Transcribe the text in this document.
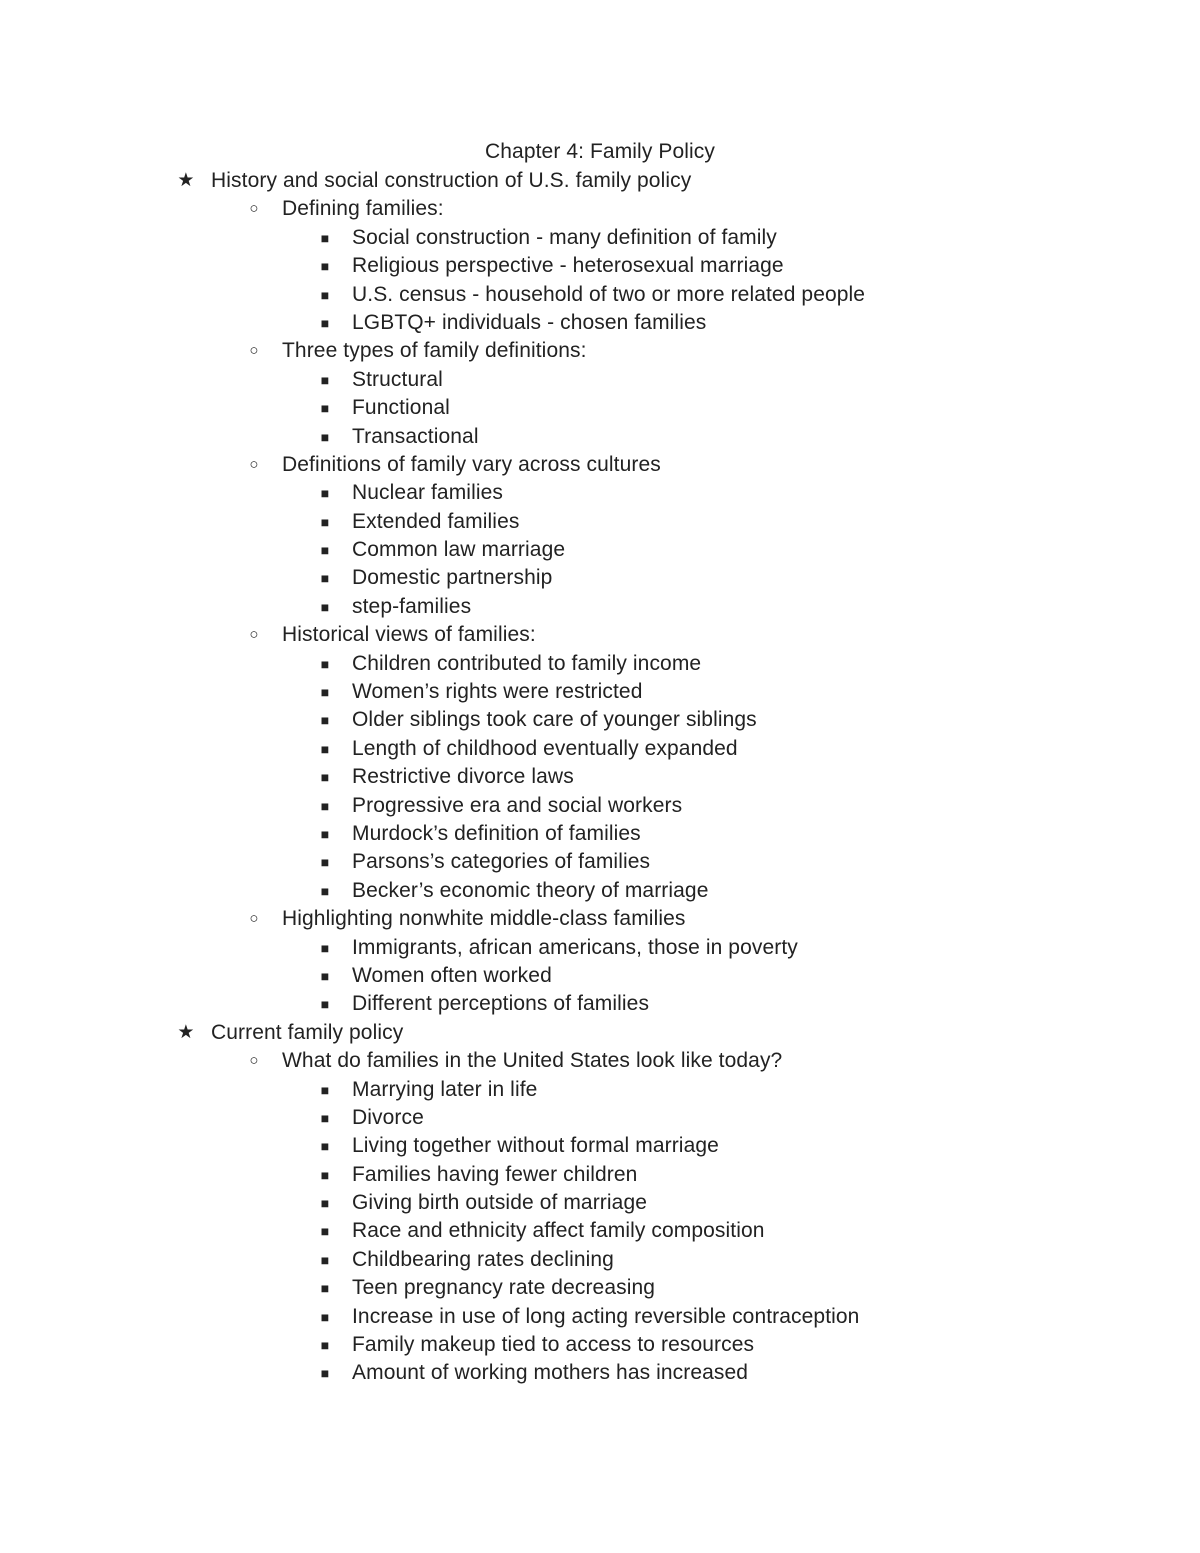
Chapter 4: Family Policy
★ History and social construction of U.S. family policy
○ Defining families:
■ Social construction - many definition of family
■ Religious perspective - heterosexual marriage
■ U.S. census - household of two or more related people
■ LGBTQ+ individuals - chosen families
○ Three types of family definitions:
■ Structural
■ Functional
■ Transactional
○ Definitions of family vary across cultures
■ Nuclear families
■ Extended families
■ Common law marriage
■ Domestic partnership
■ step-families
○ Historical views of families:
■ Children contributed to family income
■ Women’s rights were restricted
■ Older siblings took care of younger siblings
■ Length of childhood eventually expanded
■ Restrictive divorce laws
■ Progressive era and social workers
■ Murdock’s definition of families
■ Parsons’s categories of families
■ Becker’s economic theory of marriage
○ Highlighting nonwhite middle-class families
■ Immigrants, african americans, those in poverty
■ Women often worked
■ Different perceptions of families
★ Current family policy
○ What do families in the United States look like today?
■ Marrying later in life
■ Divorce
■ Living together without formal marriage
■ Families having fewer children
■ Giving birth outside of marriage
■ Race and ethnicity affect family composition
■ Childbearing rates declining
■ Teen pregnancy rate decreasing
■ Increase in use of long acting reversible contraception
■ Family makeup tied to access to resources
■ Amount of working mothers has increased
